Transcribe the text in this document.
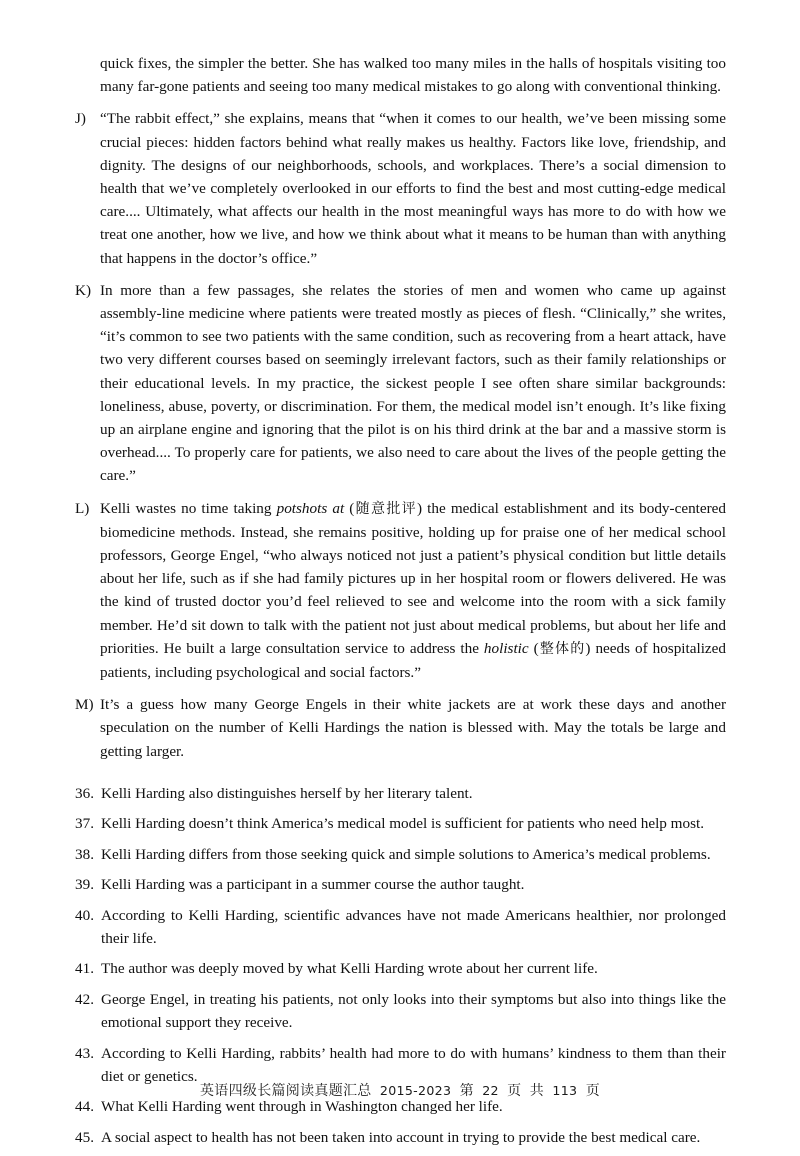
quick fixes, the simpler the better. She has walked too many miles in the halls of hospitals visiting too many far-gone patients and seeing too many medical mistakes to go along with conventional thinking.
J) “The rabbit effect,” she explains, means that “when it comes to our health, we’ve been missing some crucial pieces: hidden factors behind what really makes us healthy. Factors like love, friendship, and dignity. The designs of our neighborhoods, schools, and workplaces. There’s a social dimension to health that we’ve completely overlooked in our efforts to find the best and most cutting-edge medical care.... Ultimately, what affects our health in the most meaningful ways has more to do with how we treat one another, how we live, and how we think about what it means to be human than with anything that happens in the doctor’s office.”
K) In more than a few passages, she relates the stories of men and women who came up against assembly-line medicine where patients were treated mostly as pieces of flesh. “Clinically,” she writes, “it’s common to see two patients with the same condition, such as recovering from a heart attack, have two very different courses based on seemingly irrelevant factors, such as their family relationships or their educational levels. In my practice, the sickest people I see often share similar backgrounds: loneliness, abuse, poverty, or discrimination. For them, the medical model isn’t enough. It’s like fixing up an airplane engine and ignoring that the pilot is on his third drink at the bar and a massive storm is overhead.... To properly care for patients, we also need to care about the lives of the people getting the care.”
L) Kelli wastes no time taking potshots at (随意批评) the medical establishment and its body-centered biomedicine methods. Instead, she remains positive, holding up for praise one of her medical school professors, George Engel, “who always noticed not just a patient’s physical condition but little details about her life, such as if she had family pictures up in her hospital room or flowers delivered. He was the kind of trusted doctor you’d feel relieved to see and welcome into the room with a sick family member. He’d sit down to talk with the patient not just about medical problems, but about her life and priorities. He built a large consultation service to address the holistic (整体的) needs of hospitalized patients, including psychological and social factors.”
M) It’s a guess how many George Engels in their white jackets are at work these days and another speculation on the number of Kelli Hardings the nation is blessed with. May the totals be large and getting larger.
36. Kelli Harding also distinguishes herself by her literary talent.
37. Kelli Harding doesn’t think America’s medical model is sufficient for patients who need help most.
38. Kelli Harding differs from those seeking quick and simple solutions to America’s medical problems.
39. Kelli Harding was a participant in a summer course the author taught.
40. According to Kelli Harding, scientific advances have not made Americans healthier, nor prolonged their life.
41. The author was deeply moved by what Kelli Harding wrote about her current life.
42. George Engel, in treating his patients, not only looks into their symptoms but also into things like the emotional support they receive.
43. According to Kelli Harding, rabbits’ health had more to do with humans’ kindness to them than their diet or genetics.
44. What Kelli Harding went through in Washington changed her life.
45. A social aspect to health has not been taken into account in trying to provide the best medical care.
英语四级长篇阅读真题汇总 2015-2023 第 22 页 共 113 页
